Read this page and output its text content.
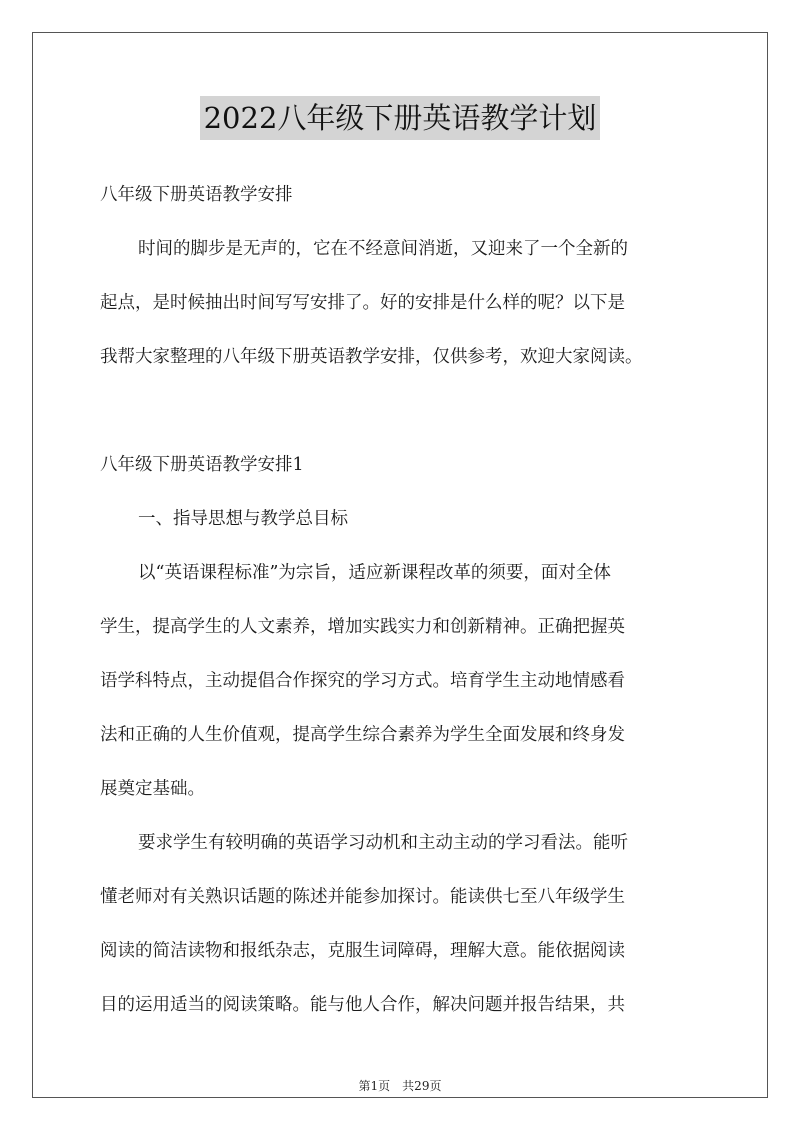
2022八年级下册英语教学计划

八年级下册英语教学安排

时间的脚步是无声的，它在不经意间消逝，又迎来了一个全新的

起点，是时候抽出时间写写安排了。好的安排是什么样的呢？以下是

我帮大家整理的八年级下册英语教学安排，仅供参考，欢迎大家阅读。

八年级下册英语教学安排1

一、指导思想与教学总目标

以“英语课程标准”为宗旨，适应新课程改革的须要，面对全体

学生，提高学生的人文素养，增加实践实力和创新精神。正确把握英

语学科特点，主动提倡合作探究的学习方式。培育学生主动地情感看

法和正确的人生价值观，提高学生综合素养为学生全面发展和终身发

展奠定基础。

要求学生有较明确的英语学习动机和主动主动的学习看法。能听

懂老师对有关熟识话题的陈述并能参加探讨。能读供七至八年级学生

阅读的简洁读物和报纸杂志，克服生词障碍，理解大意。能依据阅读

目的运用适当的阅读策略。能与他人合作，解决问题并报告结果，共

第1页　共29页
